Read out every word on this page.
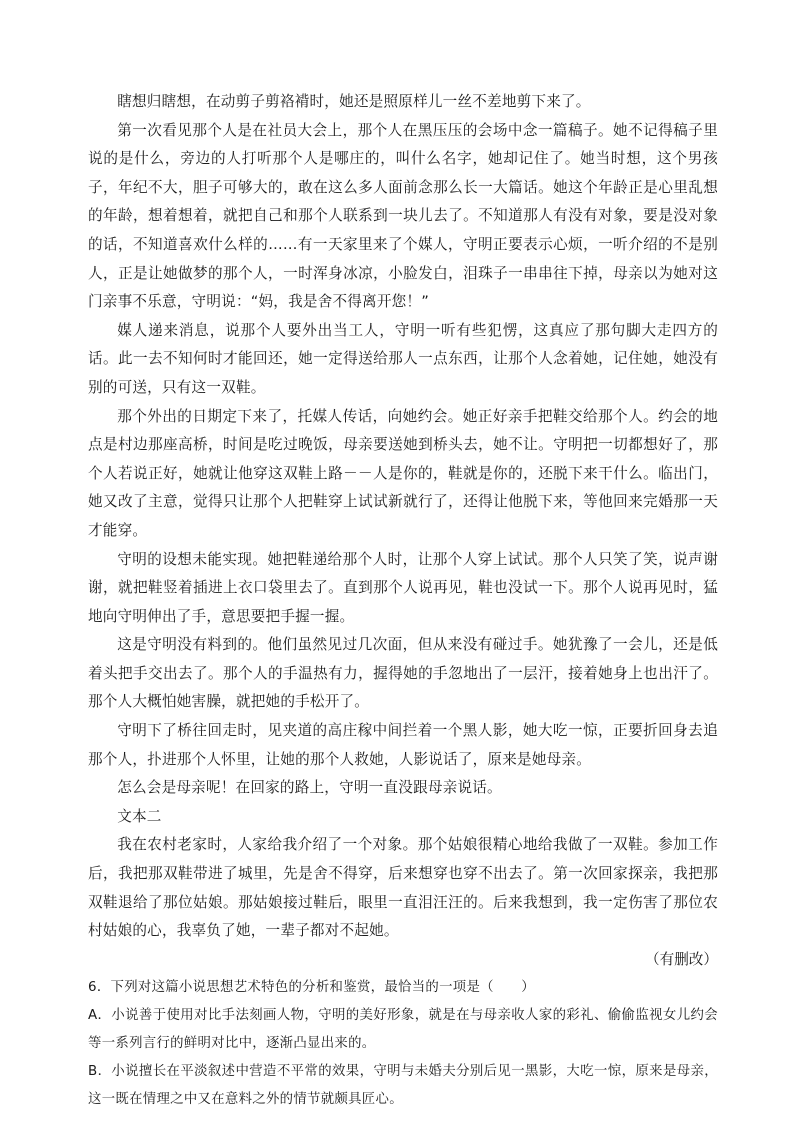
瞎想归瞎想，在动剪子剪袼褙时，她还是照原样儿一丝不差地剪下来了。

第一次看见那个人是在社员大会上，那个人在黑压压的会场中念一篇稿子。她不记得稿子里说的是什么，旁边的人打听那个人是哪庄的，叫什么名字，她却记住了。她当时想，这个男孩子，年纪不大，胆子可够大的，敢在这么多人面前念那么长一大篇话。她这个年龄正是心里乱想的年龄，想着想着，就把自己和那个人联系到一块儿去了。不知道那人有没有对象，要是没对象的话，不知道喜欢什么样的……有一天家里来了个媒人，守明正要表示心烦，一听介绍的不是别人，正是让她做梦的那个人，一时浑身冰凉，小脸发白，泪珠子一串串往下掉，母亲以为她对这门亲事不乐意，守明说：“妈，我是舍不得离开您！”

媒人递来消息，说那个人要外出当工人，守明一听有些犯愣，这真应了那句脚大走四方的话。此一去不知何时才能回还，她一定得送给那人一点东西，让那个人念着她，记住她，她没有别的可送，只有这一双鞋。

那个外出的日期定下来了，托媒人传话，向她约会。她正好亲手把鞋交给那个人。约会的地点是村边那座高桥，时间是吃过晚饭，母亲要送她到桥头去，她不让。守明把一切都想好了，那个人若说正好，她就让他穿这双鞋上路－－人是你的，鞋就是你的，还脱下来干什么。临出门，她又改了主意，觉得只让那个人把鞋穿上试试新就行了，还得让他脱下来，等他回来完婚那一天才能穿。

守明的设想未能实现。她把鞋递给那个人时，让那个人穿上试试。那个人只笑了笑，说声谢谢，就把鞋竖着插进上衣口袋里去了。直到那个人说再见，鞋也没试一下。那个人说再见时，猛地向守明伸出了手，意思要把手握一握。

这是守明没有料到的。他们虽然见过几次面，但从来没有碰过手。她犹豫了一会儿，还是低着头把手交出去了。那个人的手温热有力，握得她的手忽地出了一层汗，接着她身上也出汗了。那个人大概怕她害臊，就把她的手松开了。

守明下了桥往回走时，见夹道的高庄稼中间拦着一个黑人影，她大吃一惊，正要折回身去追那个人，扑进那个人怀里，让她的那个人救她，人影说话了，原来是她母亲。

怎么会是母亲呢！在回家的路上，守明一直没跟母亲说话。

文本二

我在农村老家时，人家给我介绍了一个对象。那个姑娘很精心地给我做了一双鞋。参加工作后，我把那双鞋带进了城里，先是舍不得穿，后来想穿也穿不出去了。第一次回家探亲，我把那双鞋退给了那位姑娘。那姑娘接过鞋后，眼里一直泪汪汪的。后来我想到，我一定伤害了那位农村姑娘的心，我辜负了她，一辈子都对不起她。

（有删改）

6．下列对这篇小说思想艺术特色的分析和鉴赏，最恰当的一项是（　　）

A．小说善于使用对比手法刻画人物，守明的美好形象，就是在与母亲收人家的彩礼、偷偷监视女儿约会等一系列言行的鲜明对比中，逐渐凸显出来的。

B．小说擅长在平淡叙述中营造不平常的效果，守明与未婚夫分别后见一黑影，大吃一惊，原来是母亲，这一既在情理之中又在意料之外的情节就颇具匠心。
